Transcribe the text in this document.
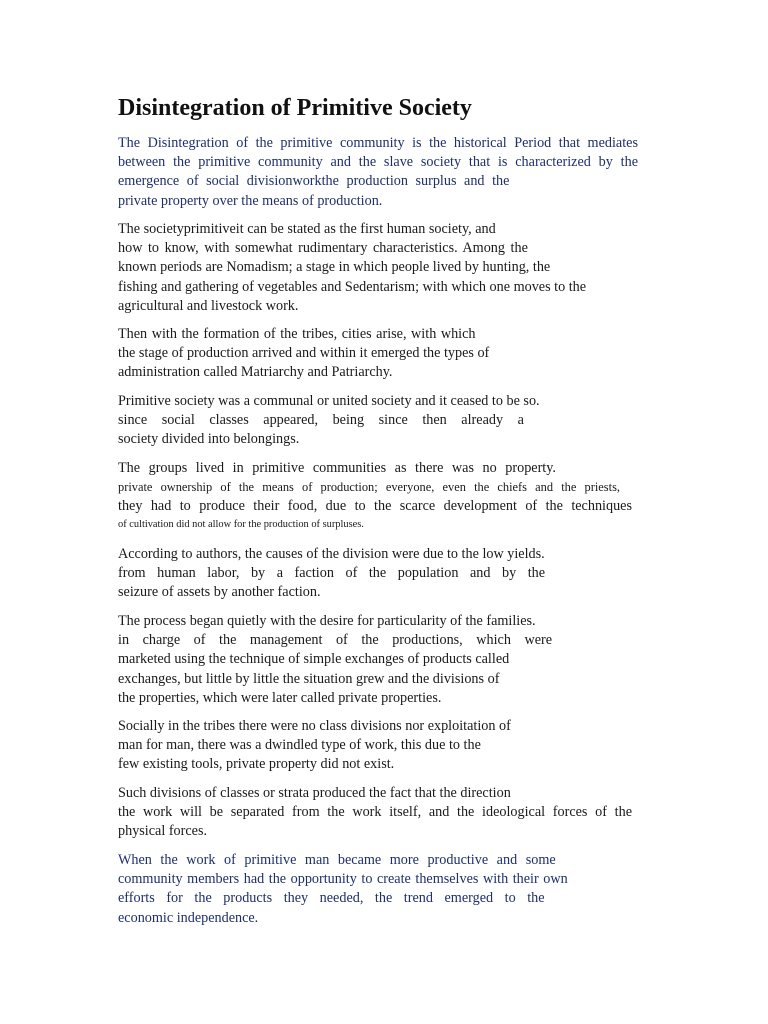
Disintegration of Primitive Society
The Disintegration of the primitive community is the historical Period that mediates
between the primitive community and the slave society that is characterized by the
emergence of social divisionworkthe production surplus and the
private property over the means of production.
The societyprimitiveit can be stated as the first human society, and
how to know, with somewhat rudimentary characteristics. Among the
known periods are Nomadism; a stage in which people lived by hunting, the
fishing and gathering of vegetables and Sedentarism; with which one moves to the
agricultural and livestock work.
Then with the formation of the tribes, cities arise, with which
the stage of production arrived and within it emerged the types of
administration called Matriarchy and Patriarchy.
Primitive society was a communal or united society and it ceased to be so.
since social classes appeared, being since then already a
society divided into belongings.
The groups lived in primitive communities as there was no property.
private ownership of the means of production; everyone, even the chiefs and the priests,
they had to produce their food, due to the scarce development of the techniques
of cultivation did not allow for the production of surpluses.
According to authors, the causes of the division were due to the low yields.
from human labor, by a faction of the population and by the
seizure of assets by another faction.
The process began quietly with the desire for particularity of the families.
in charge of the management of the productions, which were
marketed using the technique of simple exchanges of products called
exchanges, but little by little the situation grew and the divisions of
the properties, which were later called private properties.
Socially in the tribes there were no class divisions nor exploitation of
man for man, there was a dwindled type of work, this due to the
few existing tools, private property did not exist.
Such divisions of classes or strata produced the fact that the direction
the work will be separated from the work itself, and the ideological forces of the
physical forces.
When the work of primitive man became more productive and some
community members had the opportunity to create themselves with their own
efforts for the products they needed, the trend emerged to the
economic independence.
